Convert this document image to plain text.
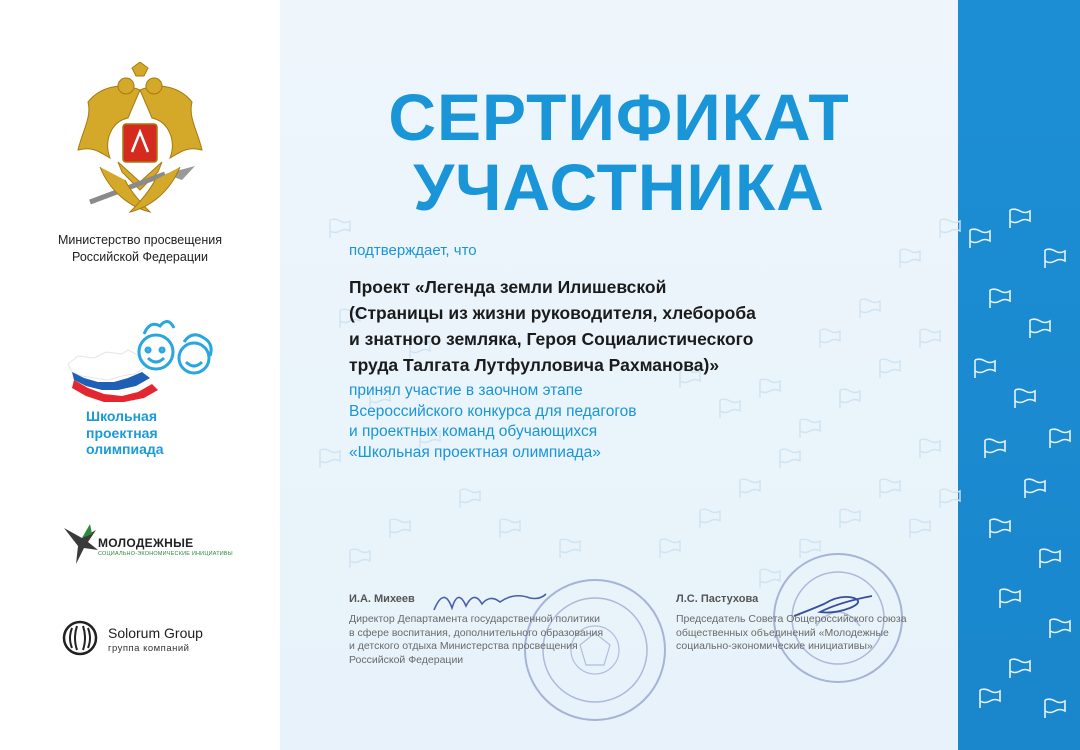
Министерство просвещения
Российской Федерации
Школьная
проектная
олимпиада
МОЛОДЕЖНЫЕ
СОЦИАЛЬНО-ЭКОНОМИЧЕСКИЕ ИНИЦИАТИВЫ
Solorum Group
группа компаний
СЕРТИФИКАТ
УЧАСТНИКА
подтверждает, что
Проект «Легенда земли Илишевской
(Страницы из жизни руководителя, хлебороба
и знатного земляка, Героя Социалистического
труда Талгата Лутфулловича Рахманова)»
принял участие в заочном этапе
Всероссийского конкурса для педагогов
и проектных команд обучающихся
«Школьная проектная олимпиада»
И.А. Михеев
Директор Департамента государственной политики
в сфере воспитания, дополнительного образования
и детского отдыха Министерства просвещения
Российской Федерации
Л.С. Пастухова
Председатель Совета Общероссийского союза
общественных объединений «Молодежные
социально-экономические инициативы»
